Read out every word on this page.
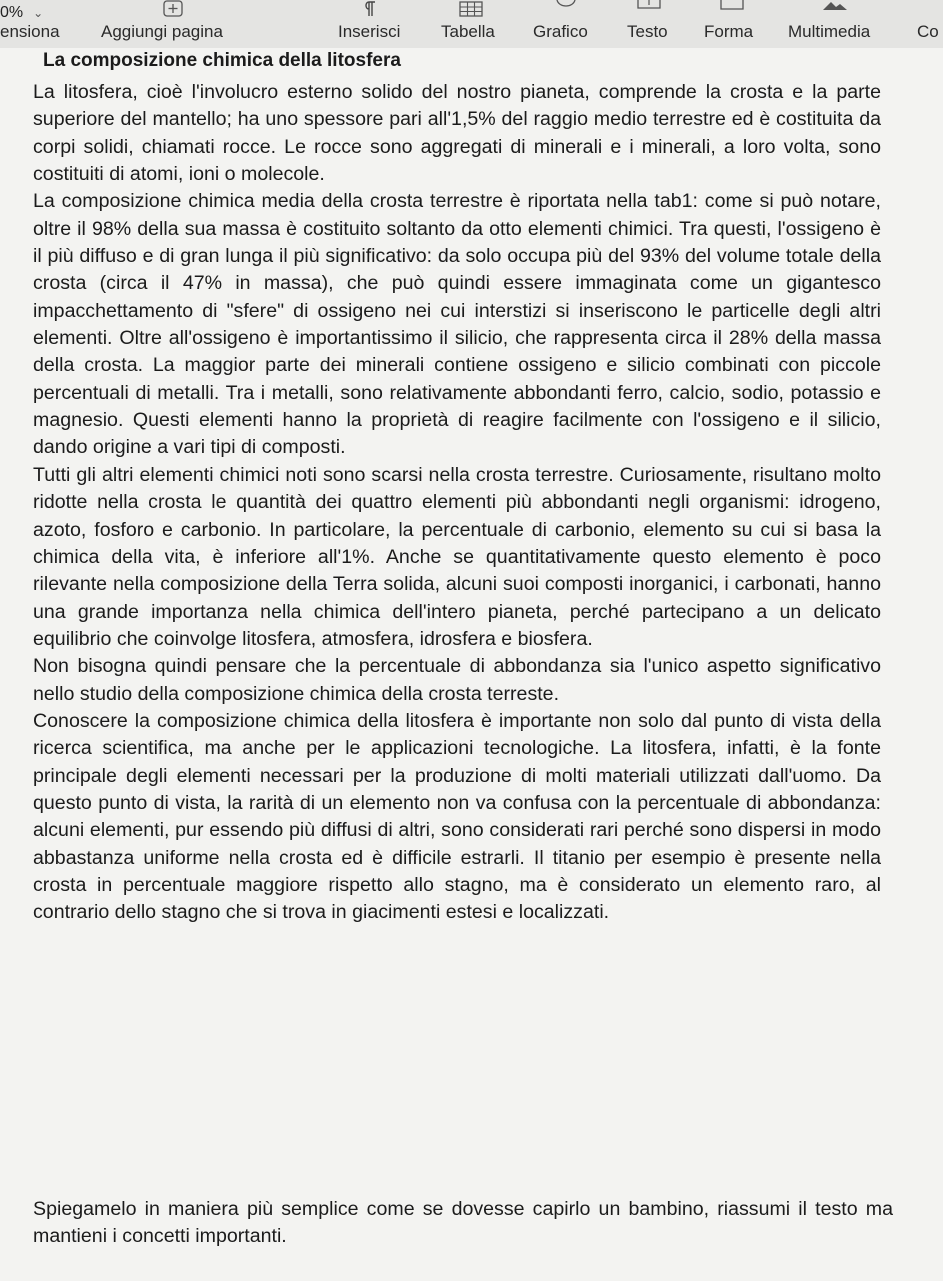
0% ⌄
ensiona Aggiungi pagina	Inserisci Tabella Grafico Testo Forma Multimedia	Co
La composizione chimica della litosfera

La litosfera, cioè l'involucro esterno solido del nostro pianeta, comprende la crosta e la parte superiore del mantello; ha uno spessore pari all'1,5% del raggio medio terrestre ed è costituita da corpi solidi, chiamati rocce. Le rocce sono aggregati di minerali e i minerali, a loro volta, sono costituiti di atomi, ioni o molecole.

La composizione chimica media della crosta terrestre è riportata nella tab1: come si può notare, oltre il 98% della sua massa è costituito soltanto da otto elementi chimici. Tra questi, l'ossigeno è il più diffuso e di gran lunga il più significativo: da solo occupa più del 93% del volume totale della crosta (circa il 47% in massa), che può quindi essere immaginata come un gigantesco impacchettamento di "sfere" di ossigeno nei cui interstizi si inseriscono le particelle degli altri elementi. Oltre all'ossigeno è importantissimo il silicio, che rappresenta circa il 28% della massa della crosta. La maggior parte dei minerali contiene ossigeno e silicio combinati con piccole percentuali di metalli. Tra i metalli, sono relativamente abbondanti ferro, calcio, sodio, potassio e magnesio. Questi elementi hanno la proprietà di reagire facilmente con l'ossigeno e il silicio, dando origine a vari tipi di composti.

Tutti gli altri elementi chimici noti sono scarsi nella crosta terrestre. Curiosamente, risultano molto ridotte nella crosta le quantità dei quattro elementi più abbondanti negli organismi: idrogeno, azoto, fosforo e carbonio. In particolare, la percentuale di carbonio, elemento su cui si basa la chimica della vita, è inferiore all'1%. Anche se quantitativamente questo elemento è poco rilevante nella composizione della Terra solida, alcuni suoi composti inorganici, i carbonati, hanno una grande importanza nella chimica dell'intero pianeta, perché partecipano a un delicato equilibrio che coinvolge litosfera, atmosfera, idrosfera e biosfera.

Non bisogna quindi pensare che la percentuale di abbondanza sia l'unico aspetto significativo nello studio della composizione chimica della crosta terreste.

Conoscere la composizione chimica della litosfera è importante non solo dal punto di vista della ricerca scientifica, ma anche per le applicazioni tecnologiche. La litosfera, infatti, è la fonte principale degli elementi necessari per la produzione di molti materiali utilizzati dall'uomo. Da questo punto di vista, la rarità di un elemento non va confusa con la percentuale di abbondanza: alcuni elementi, pur essendo più diffusi di altri, sono considerati rari perché sono dispersi in modo abbastanza uniforme nella crosta ed è difficile estrarli. Il titanio per esempio è presente nella crosta in percentuale maggiore rispetto allo stagno, ma è considerato un elemento raro, al contrario dello stagno che si trova in giacimenti estesi e localizzati.

Spiegamelo in maniera più semplice come se dovesse capirlo un bambino, riassumi il testo ma mantieni i concetti importanti.
